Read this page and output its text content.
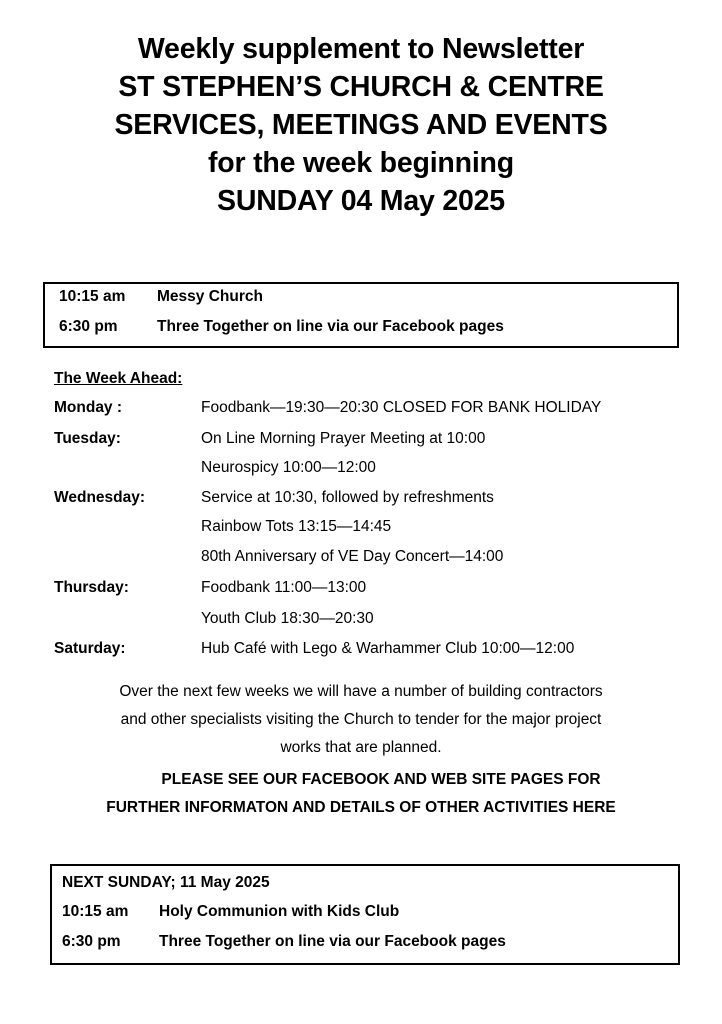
Weekly supplement to Newsletter
ST STEPHEN’S CHURCH & CENTRE
SERVICES, MEETINGS AND EVENTS
for the week beginning
SUNDAY 04 May 2025
10:15 am Messy Church
6:30 pm	Three Together on line via our Facebook pages
The Week Ahead:
Monday :	Foodbank—19:30—20:30 CLOSED FOR BANK HOLIDAY
Tuesday:	On Line Morning Prayer Meeting at 10:00
Neurospicy 10:00—12:00
Wednesday:	Service at 10:30, followed by refreshments
Rainbow Tots 13:15—14:45
80th Anniversary of VE Day Concert—14:00
Thursday:	Foodbank 11:00—13:00
Youth Club 18:30—20:30
Saturday:	Hub Café with Lego & Warhammer Club 10:00—12:00
Over the next few weeks we will have a number of building contractors
and other specialists visiting the Church to tender for the major project
works that are planned.
PLEASE SEE OUR FACEBOOK AND WEB SITE PAGES FOR
FURTHER INFORMATON AND DETAILS OF OTHER ACTIVITIES HERE
NEXT SUNDAY; 11 May 2025
10:15 am Holy Communion with Kids Club
6:30 pm Three Together on line via our Facebook pages
